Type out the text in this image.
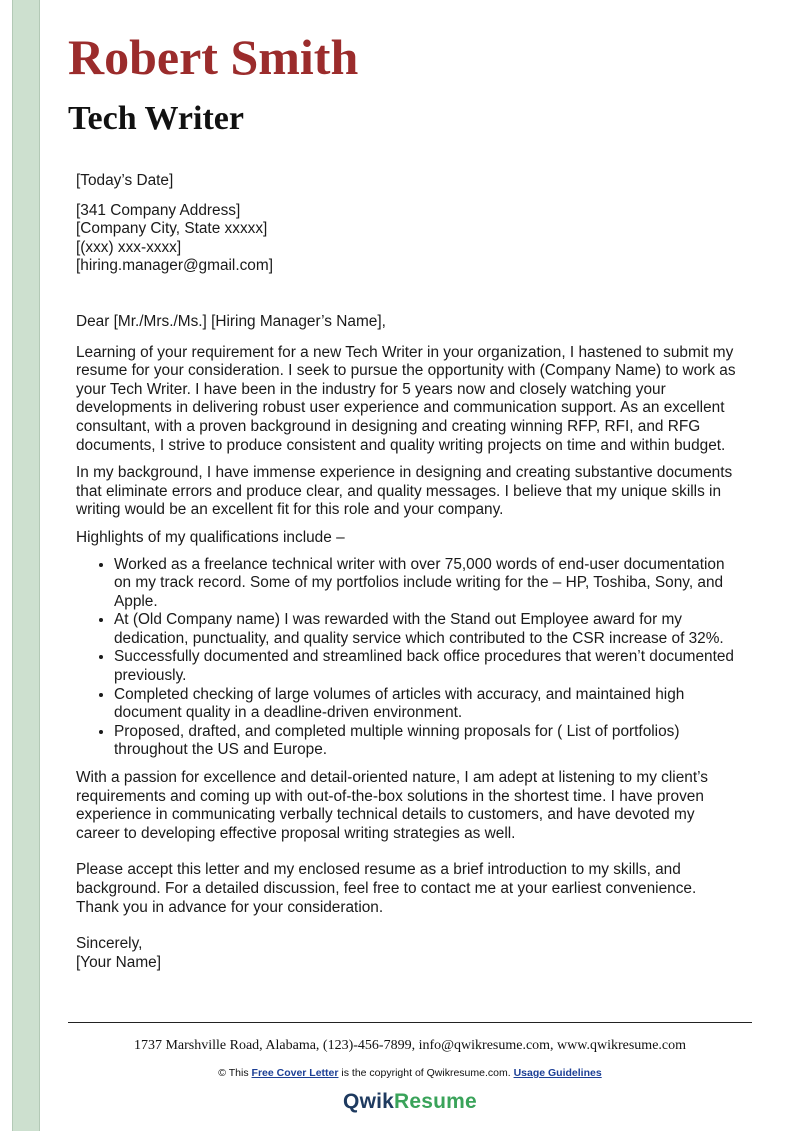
Robert Smith
Tech Writer

[Today’s Date]

[341 Company Address]

[Company City, State xxxxx]

[(xxx) xxx-xxxx]

[hiring.manager@gmail.com]

Dear [Mr./Mrs./Ms.] [Hiring Manager’s Name],

Learning of your requirement for a new Tech Writer in your organization, I hastened to submit my resume for your consideration. I seek to pursue the opportunity with (Company Name) to work as your Tech Writer. I have been in the industry for 5 years now and closely watching your developments in delivering robust user experience and communication support. As an excellent consultant, with a proven background in designing and creating winning RFP, RFI, and RFG documents, I strive to produce consistent and quality writing projects on time and within budget.

In my background, I have immense experience in designing and creating substantive documents that eliminate errors and produce clear, and quality messages. I believe that my unique skills in writing would be an excellent fit for this role and your company.

Highlights of my qualifications include –

• Worked as a freelance technical writer with over 75,000 words of end-user documentation on my track record. Some of my portfolios include writing for the – HP, Toshiba, Sony, and Apple.
• At (Old Company name) I was rewarded with the Stand out Employee award for my dedication, punctuality, and quality service which contributed to the CSR increase of 32%.
• Successfully documented and streamlined back office procedures that weren’t documented previously.
• Completed checking of large volumes of articles with accuracy, and maintained high document quality in a deadline-driven environment.
• Proposed, drafted, and completed multiple winning proposals for ( List of portfolios) throughout the US and Europe.

With a passion for excellence and detail-oriented nature, I am adept at listening to my client’s requirements and coming up with out-of-the-box solutions in the shortest time. I have proven experience in communicating verbally technical details to customers, and have devoted my career to developing effective proposal writing strategies as well.

Please accept this letter and my enclosed resume as a brief introduction to my skills, and background. For a detailed discussion, feel free to contact me at your earliest convenience. Thank you in advance for your consideration.

Sincerely,

[Your Name]

1737 Marshville Road, Alabama, (123)-456-7899, info@qwikresume.com, www.qwikresume.com
© This Free Cover Letter is the copyright of Qwikresume.com. Usage Guidelines
QwikResume
